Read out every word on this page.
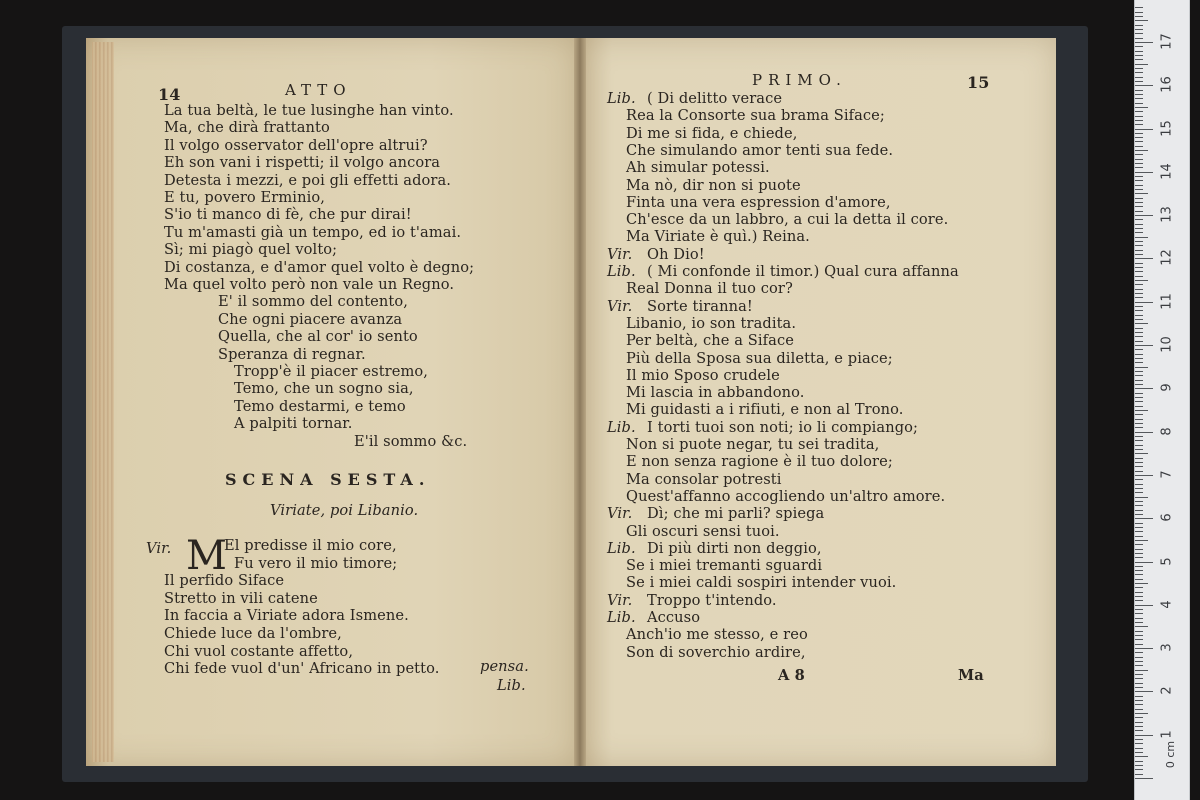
14	ATTO
La tua beltà, le tue lusinghe han vinto.
Ma, che dirà frattanto
Il volgo osservator dell'opre altrui?
Eh son vani i rispetti; il volgo ancora
Detesta i mezzi, e poi gli effetti adora.
E tu, povero Erminio,
S'io ti manco di fè, che pur dirai!
Tu m'amasti già un tempo, ed io t'amai.
Sì; mi piagò quel volto;
Di costanza, e d'amor quel volto è degno;
Ma quel volto però non vale un Regno.
E' il sommo del contento,
Che ogni piacere avanza
Quella, che al cor' io sento
Speranza di regnar.
Tropp'è il piacer estremo,
Temo, che un sogno sia,
Temo destarmi, e temo
A palpiti tornar.
E'il sommo &c.
SCENA SESTA.
Viriate, poi Libanio.
Vir. M
El predisse il mio core,
Fu vero il mio timore;
Il perfido Siface
Stretto in vili catene
In faccia a Viriate adora Ismene.
Chiede luce da l'ombre,
Chi vuol costante affetto,
Chi fede vuol d'un' Africano in petto.	pensa.
Lib.
PRIMO.	15
Lib. ( Di delitto verace
Rea la Consorte sua brama Siface;
Di me si fida, e chiede,
Che simulando amor tenti sua fede.
Ah simular potessi.
Ma nò, dir non si puote
Finta una vera espression d'amore,
Ch'esce da un labbro, a cui la detta il core.
Ma Viriate è quì.) Reina.
Vir. Oh Dio!
Lib. ( Mi confonde il timor.) Qual cura affanna
Real Donna il tuo cor?
Vir. Sorte tiranna!
Libanio, io son tradita.
Per beltà, che a Siface
Più della Sposa sua diletta, e piace;
Il mio Sposo crudele
Mi lascia in abbandono.
Mi guidasti a i rifiuti, e non al Trono.
Lib. I torti tuoi son noti; io li compiango;
Non si puote negar, tu sei tradita,
E non senza ragione è il tuo dolore;
Ma consolar potresti
Quest'affanno accogliendo un'altro amore.
Vir. Dì; che mi parli? spiega
Gli oscuri sensi tuoi.
Lib. Di più dirti non deggio,
Se i miei tremanti sguardi
Se i miei caldi sospiri intender vuoi.
Vir. Troppo t'intendo.
Lib. Accuso
Anch'io me stesso, e reo
Son di soverchio ardire,
A 8	Ma
17
16
15
14
13
12
11
10
9
8
7
6
5
4
3
2
1
0 cm
